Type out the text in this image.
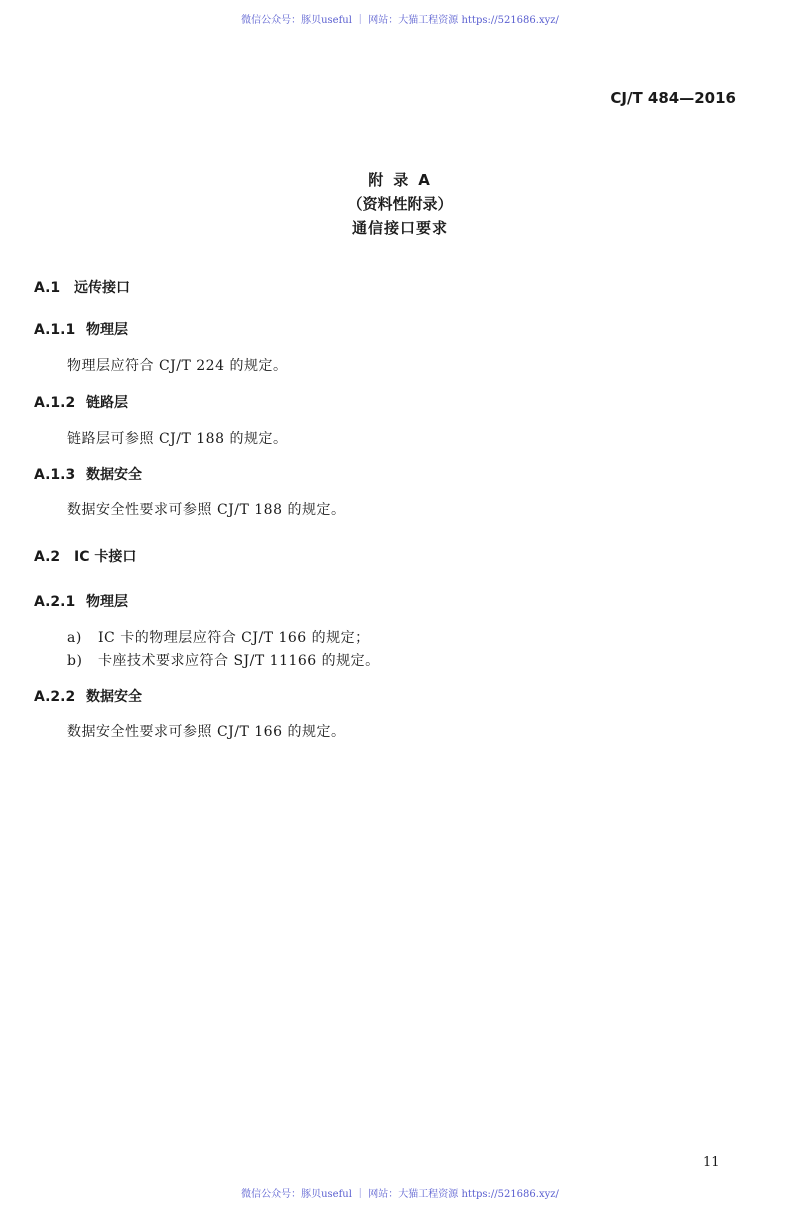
微信公众号：豚贝useful ｜ 网站：大猫工程资源 https://521686.xyz/
CJ/T 484—2016
附录A
（资料性附录）
通信接口要求
A.1 远传接口
A.1.1 物理层
物理层应符合 CJ/T 224 的规定。
A.1.2 链路层
链路层可参照 CJ/T 188 的规定。
A.1.3 数据安全
数据安全性要求可参照 CJ/T 188 的规定。
A.2 IC 卡接口
A.2.1 物理层
a) IC 卡的物理层应符合 CJ/T 166 的规定；
b) 卡座技术要求应符合 SJ/T 11166 的规定。
A.2.2 数据安全
数据安全性要求可参照 CJ/T 166 的规定。
11
微信公众号：豚贝useful ｜ 网站：大猫工程资源 https://521686.xyz/
